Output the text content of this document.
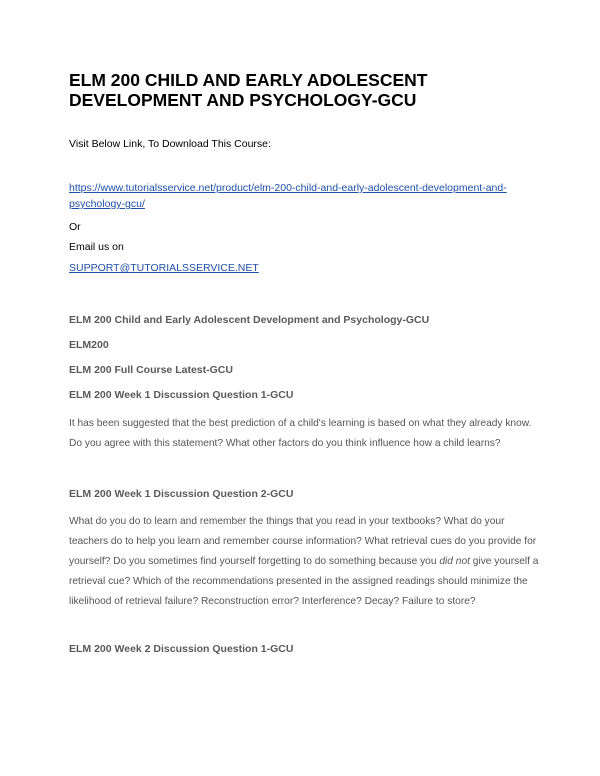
ELM 200 CHILD AND EARLY ADOLESCENT
DEVELOPMENT AND PSYCHOLOGY-GCU
Visit Below Link, To Download This Course:
https://www.tutorialsservice.net/product/elm-200-child-and-early-adolescent-development-and-
psychology-gcu/
Or
Email us on
SUPPORT@TUTORIALSSERVICE.NET
ELM 200 Child and Early Adolescent Development and Psychology-GCU
ELM200
ELM 200 Full Course Latest-GCU
ELM 200 Week 1 Discussion Question 1-GCU
It has been suggested that the best prediction of a child's learning is based on what they already know.
Do you agree with this statement? What other factors do you think influence how a child learns?
ELM 200 Week 1 Discussion Question 2-GCU
What do you do to learn and remember the things that you read in your textbooks? What do your
teachers do to help you learn and remember course information? What retrieval cues do you provide for
yourself? Do you sometimes find yourself forgetting to do something because you did not give yourself a
retrieval cue? Which of the recommendations presented in the assigned readings should minimize the
likelihood of retrieval failure? Reconstruction error? Interference? Decay? Failure to store?
ELM 200 Week 2 Discussion Question 1-GCU
